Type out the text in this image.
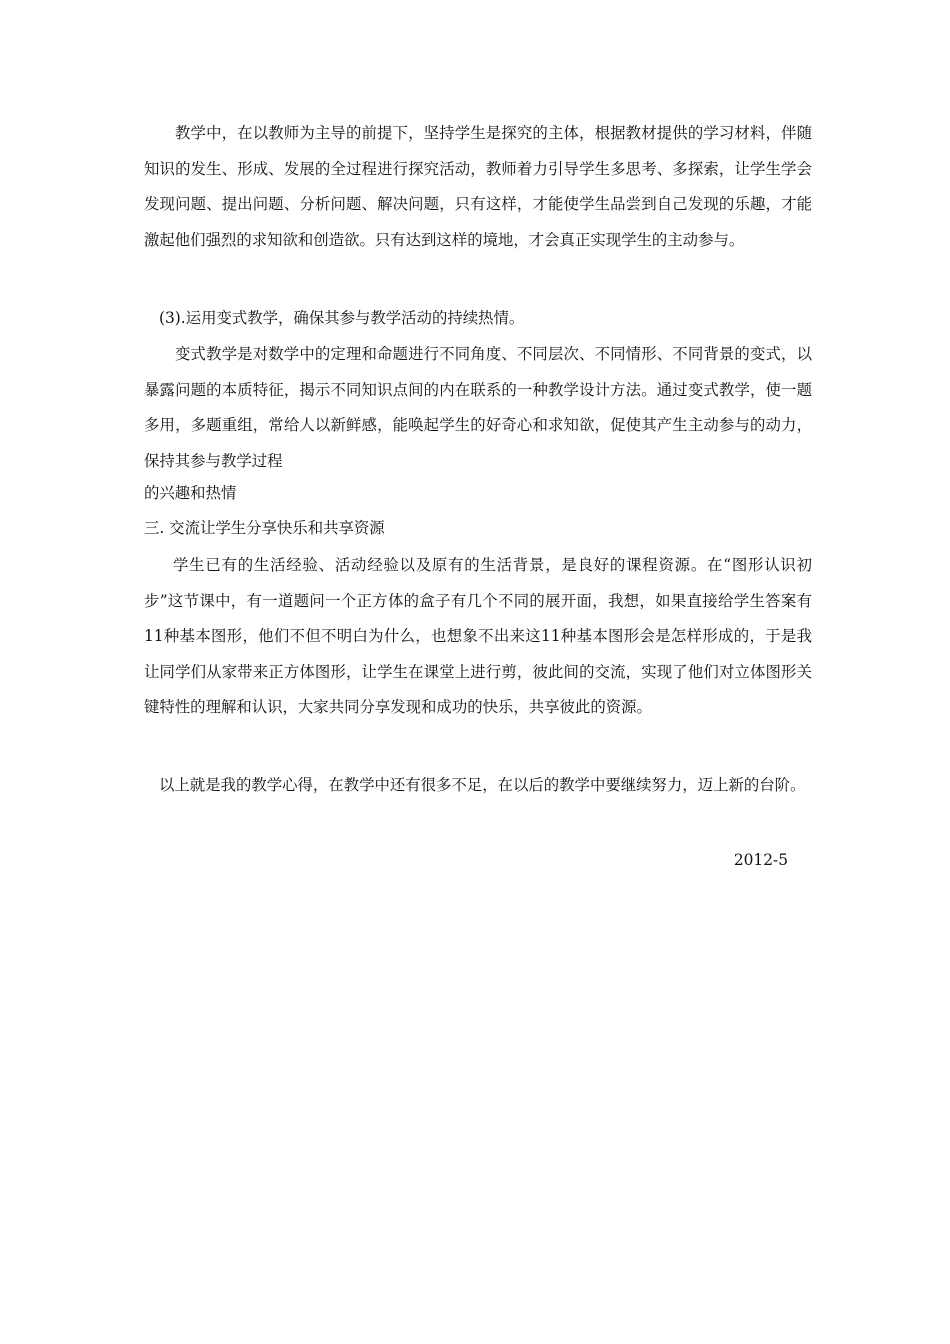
教学中，在以教师为主导的前提下，坚持学生是探究的主体，根据教材提供的学习材料，伴随知识的发生、形成、发展的全过程进行探究活动，教师着力引导学生多思考、多探索，让学生学会发现问题、提出问题、分析问题、解决问题，只有这样，才能使学生品尝到自己发现的乐趣，才能激起他们强烈的求知欲和创造欲。只有达到这样的境地，才会真正实现学生的主动参与。

(3).运用变式教学，确保其参与教学活动的持续热情。

变式教学是对数学中的定理和命题进行不同角度、不同层次、不同情形、不同背景的变式，以暴露问题的本质特征，揭示不同知识点间的内在联系的一种教学设计方法。通过变式教学，使一题多用，多题重组，常给人以新鲜感，能唤起学生的好奇心和求知欲，促使其产生主动参与的动力，保持其参与教学过程

的兴趣和热情

三. 交流让学生分享快乐和共享资源

学生已有的生活经验、活动经验以及原有的生活背景，是良好的课程资源。在“图形认识初步”这节课中，有一道题问一个正方体的盒子有几个不同的展开面，我想，如果直接给学生答案有11种基本图形，他们不但不明白为什么，也想象不出来这11种基本图形会是怎样形成的，于是我让同学们从家带来正方体图形，让学生在课堂上进行剪，彼此间的交流，实现了他们对立体图形关键特性的理解和认识，大家共同分享发现和成功的快乐，共享彼此的资源。

以上就是我的教学心得，在教学中还有很多不足，在以后的教学中要继续努力，迈上新的台阶。

2012-5
